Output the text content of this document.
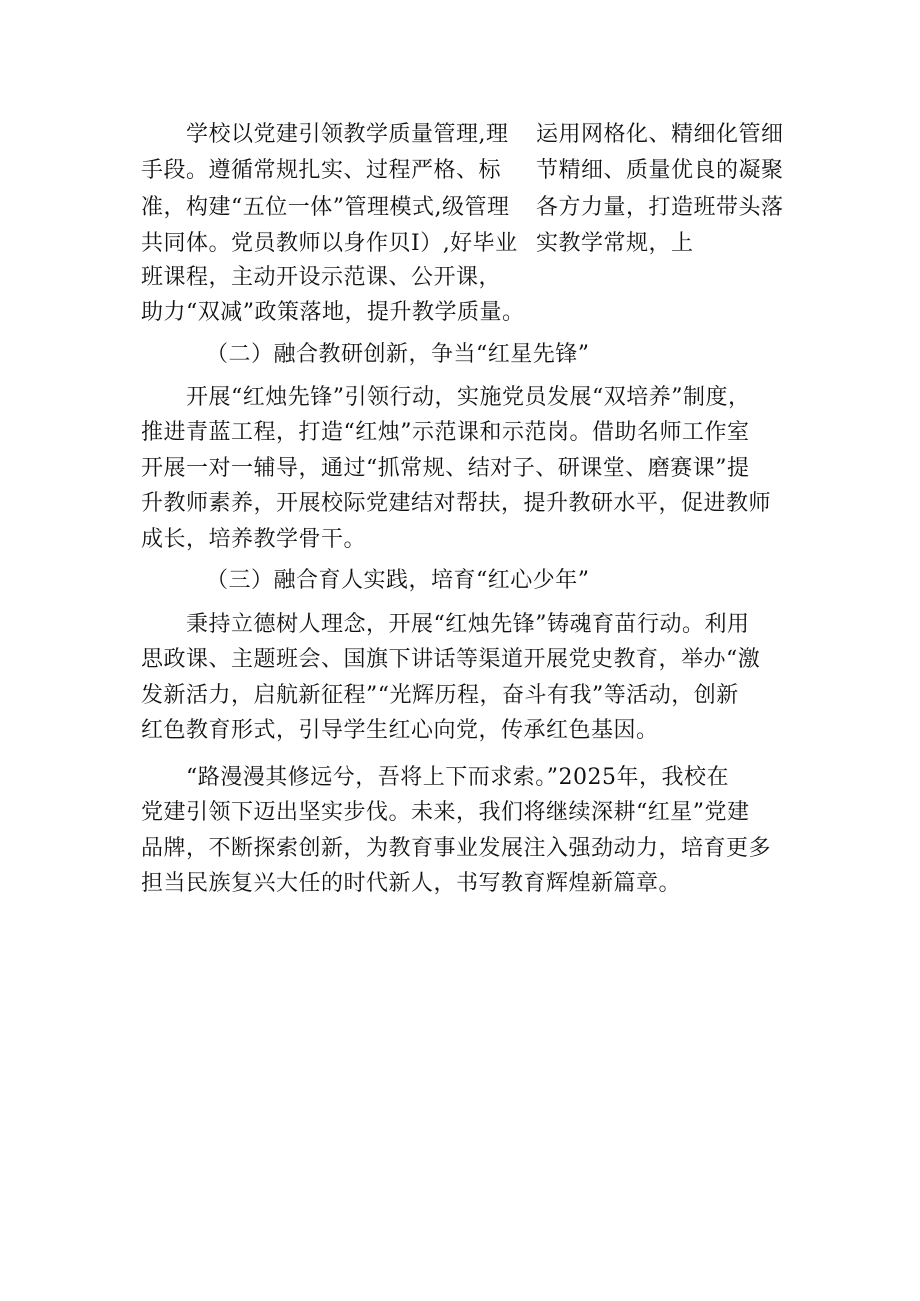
学校以党建引领教学质量管理,理
手段。遵循常规扎实、过程严格、标
准，构建“五位一体”管理模式,级管理
共同体。党员教师以身作贝I）,好毕业
班课程，主动开设示范课、公开课，
运用网格化、精细化管细
节精细、质量优良的凝聚
各方力量，打造班带头落
实教学常规，上
助力“双减”政策落地，提升教学质量。
（二）融合教研创新，争当“红星先锋”
开展“红烛先锋”引领行动，实施党员发展“双培养”制度，
推进青蓝工程，打造“红烛”示范课和示范岗。借助名师工作室
开展一对一辅导，通过“抓常规、结对子、研课堂、磨赛课”提
升教师素养，开展校际党建结对帮扶，提升教研水平，促进教师
成长，培养教学骨干。
（三）融合育人实践，培育“红心少年”
秉持立德树人理念，开展“红烛先锋”铸魂育苗行动。利用
思政课、主题班会、国旗下讲话等渠道开展党史教育，举办“激
发新活力，启航新征程”“光辉历程，奋斗有我”等活动，创新
红色教育形式，引导学生红心向党，传承红色基因。
“路漫漫其修远兮，吾将上下而求索。”2025年，我校在
党建引领下迈出坚实步伐。未来，我们将继续深耕“红星”党建
品牌，不断探索创新，为教育事业发展注入强劲动力，培育更多
担当民族复兴大任的时代新人，书写教育辉煌新篇章。
